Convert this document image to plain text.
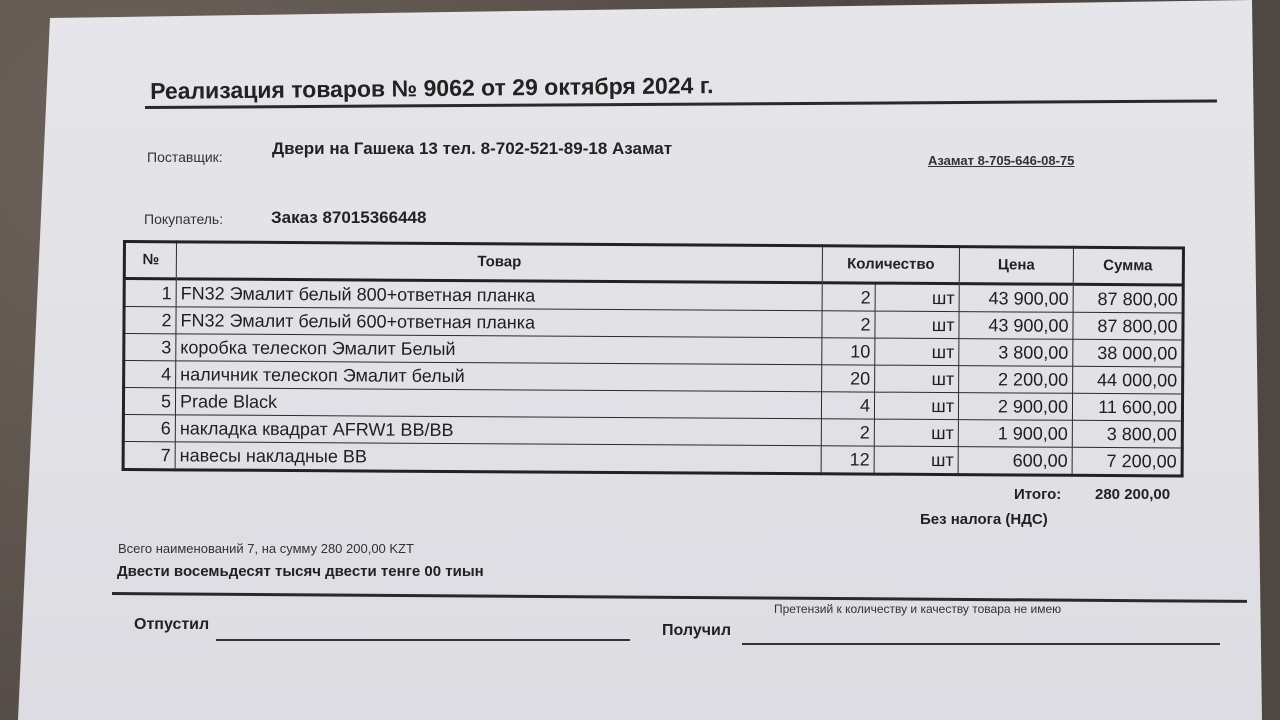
Реализация товаров № 9062 от 29 октября 2024 г.
Поставщик:	Двери на Гашека 13 тел. 8-702-521-89-18 Азамат
Азамат 8-705-646-08-75
Покупатель:	Заказ 87015366448
№	Товар	Количество		Цена	Сумма
1	FN32 Эмалит белый 800+ответная планка	2	шт	43 900,00	87 800,00
2	FN32 Эмалит белый 600+ответная планка	2	шт	43 900,00	87 800,00
3	коробка телескоп Эмалит Белый	10	шт	3 800,00	38 000,00
4	наличник телескоп Эмалит белый	20	шт	2 200,00	44 000,00
5	Prade Black	4	шт	2 900,00	11 600,00
6	накладка квадрат AFRW1 BB/BB	2	шт	1 900,00	3 800,00
7	навесы накладные BB	12	шт	600,00	7 200,00
Итого: 280 200,00
Без налога (НДС)
Всего наименований 7, на сумму 280 200,00 KZT
Двести восемьдесят тысяч двести тенге 00 тиын
Претензий к количеству и качеству товара не имею
Отпустил	Получил
